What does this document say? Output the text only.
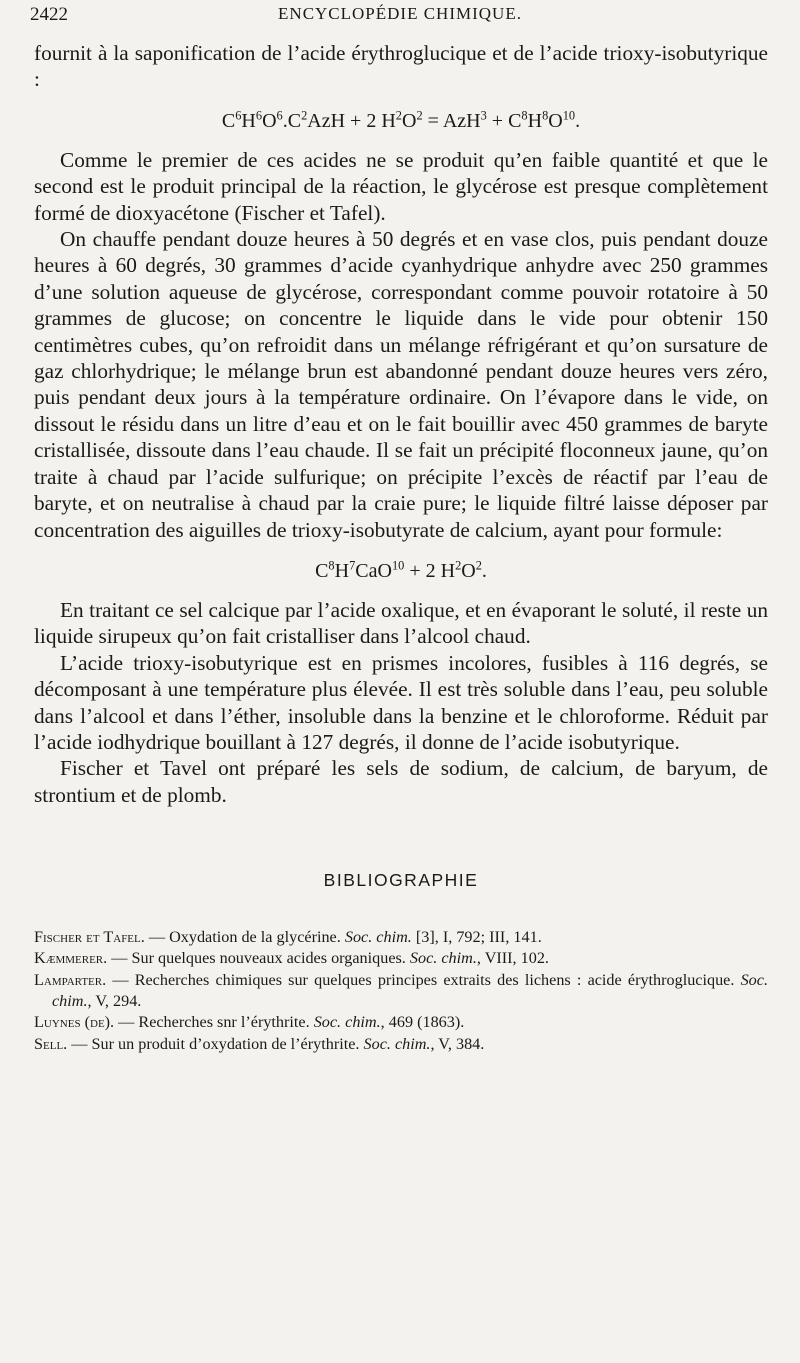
2422	ENCYCLOPÉDIE CHIMIQUE.

fournit à la saponification de l’acide érythroglucique et de l’acide trioxy-isobutyrique :

$C^6H^6O^6.C^2AzH + 2$ $H^2O^2 = AzH^3 + C^8H^8O^{10}$.

Comme le premier de ces acides ne se produit qu’en faible quantité et que le second est le produit principal de la réaction, le glycérose est presque complètement formé de dioxyacétone (Fischer et Tafel).

On chauffe pendant douze heures à 50 degrés et en vase clos, puis pendant douze heures à 60 degrés, 30 grammes d’acide cyanhydrique anhydre avec 250 grammes d’une solution aqueuse de glycérose, correspondant comme pouvoir rotatoire à 50 grammes de glucose; on concentre le liquide dans le vide pour obtenir 150 centimètres cubes, qu’on refroidit dans un mélange réfrigérant et qu’on sursature de gaz chlorhydrique; le mélange brun est abandonné pendant douze heures vers zéro, puis pendant deux jours à la température ordinaire. On l’évapore dans le vide, on dissout le résidu dans un litre d’eau et on le fait bouillir avec 450 grammes de baryte cristallisée, dissoute dans l’eau chaude. Il se fait un précipité floconneux jaune, qu’on traite à chaud par l’acide sulfurique; on précipite l’excès de réactif par l’eau de baryte, et on neutralise à chaud par la craie pure; le liquide filtré laisse déposer par concentration des aiguilles de trioxy-isobutyrate de calcium, ayant pour formule:

$C^8H^7CaO^{10} + 2$ $H^2O^2$.

En traitant ce sel calcique par l’acide oxalique, et en évaporant le soluté, il reste un liquide sirupeux qu’on fait cristalliser dans l’alcool chaud.

L’acide trioxy-isobutyrique est en prismes incolores, fusibles à 116 degrés, se décomposant à une température plus élevée. Il est très soluble dans l’eau, peu soluble dans l’alcool et dans l’éther, insoluble dans la benzine et le chloroforme. Réduit par l’acide iodhydrique bouillant à 127 degrés, il donne de l’acide isobutyrique.

Fischer et Tavel ont préparé les sels de sodium, de calcium, de baryum, de strontium et de plomb.

BIBLIOGRAPHIE
Fischer et Tafel. — Oxydation de la glycérine. Soc. chim. [3], I, 792; III, 141.
Kæmmerer. — Sur quelques nouveaux acides organiques. Soc. chim., VIII, 102.
Lamparter. — Recherches chimiques sur quelques principes extraits des lichens : acide érythroglucique. Soc. chim., V, 294.
Luynes (de). — Recherches snr l’érythrite. Soc. chim., 469 (1863).
Sell. — Sur un produit d’oxydation de l’érythrite. Soc. chim., V, 384.
